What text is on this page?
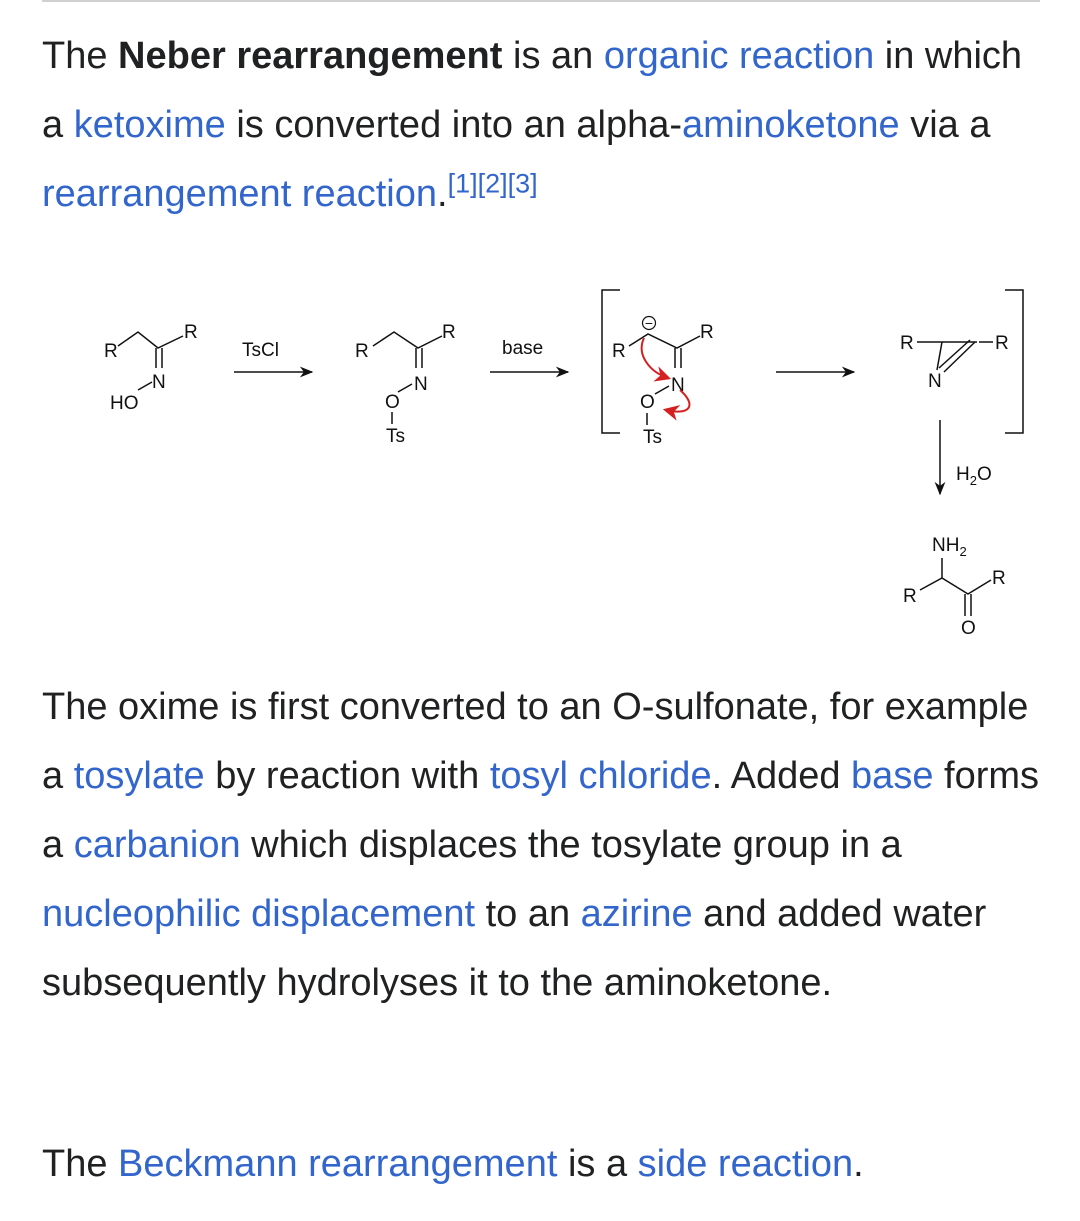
The Neber rearrangement is an organic reaction in which a ketoxime is converted into an alpha-aminoketone via a rearrangement reaction.[1][2][3]

R
R
N
HO
TsCl	R
R
N
O
Ts
base
−
R
R
N
O
Ts
R	R
N
$H_2O$
$NH_2$
R
R
O

The oxime is first converted to an O-sulfonate, for example a tosylate by reaction with tosyl chloride. Added base forms a carbanion which displaces the tosylate group in a nucleophilic displacement to an azirine and added water subsequently hydrolyses it to the aminoketone.

The Beckmann rearrangement is a side reaction.
